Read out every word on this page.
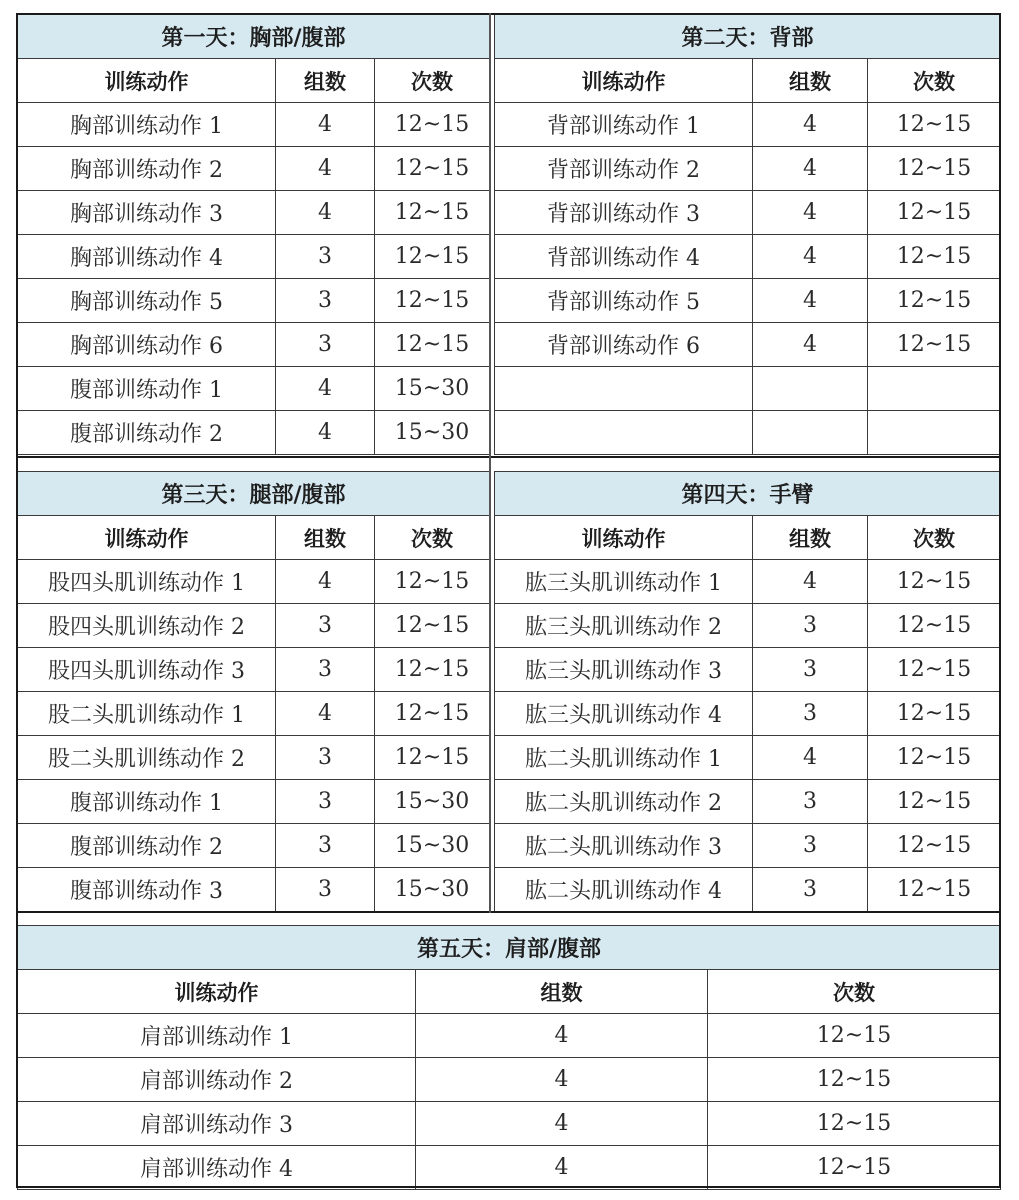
第一天：胸部/腹部		
训练动作	组数	次数
胸部训练动作 1	4	12~15
胸部训练动作 2	4	12~15
胸部训练动作 3	4	12~15
胸部训练动作 4	3	12~15
胸部训练动作 5	3	12~15
胸部训练动作 6	3	12~15
腹部训练动作 1	4	15~30
腹部训练动作 2	4	15~30
第二天：背部		
训练动作	组数	次数
背部训练动作 1	4	12~15
背部训练动作 2	4	12~15
背部训练动作 3	4	12~15
背部训练动作 4	4	12~15
背部训练动作 5	4	12~15
背部训练动作 6	4	12~15

第三天：腿部/腹部		
训练动作	组数	次数
股四头肌训练动作 1	4	12~15
股四头肌训练动作 2	3	12~15
股四头肌训练动作 3	3	12~15
股二头肌训练动作 1	4	12~15
股二头肌训练动作 2	3	12~15
腹部训练动作 1	3	15~30
腹部训练动作 2	3	15~30
腹部训练动作 3	3	15~30
第四天：手臂		
训练动作	组数	次数
肱三头肌训练动作 1	4	12~15
肱三头肌训练动作 2	3	12~15
肱三头肌训练动作 3	3	12~15
肱三头肌训练动作 4	3	12~15
肱二头肌训练动作 1	4	12~15
肱二头肌训练动作 2	3	12~15
肱二头肌训练动作 3	3	12~15
肱二头肌训练动作 4	3	12~15
第五天：肩部/腹部		
训练动作	组数	次数
肩部训练动作 1	4	12~15
肩部训练动作 2	4	12~15
肩部训练动作 3	4	12~15
肩部训练动作 4	4	12~15
